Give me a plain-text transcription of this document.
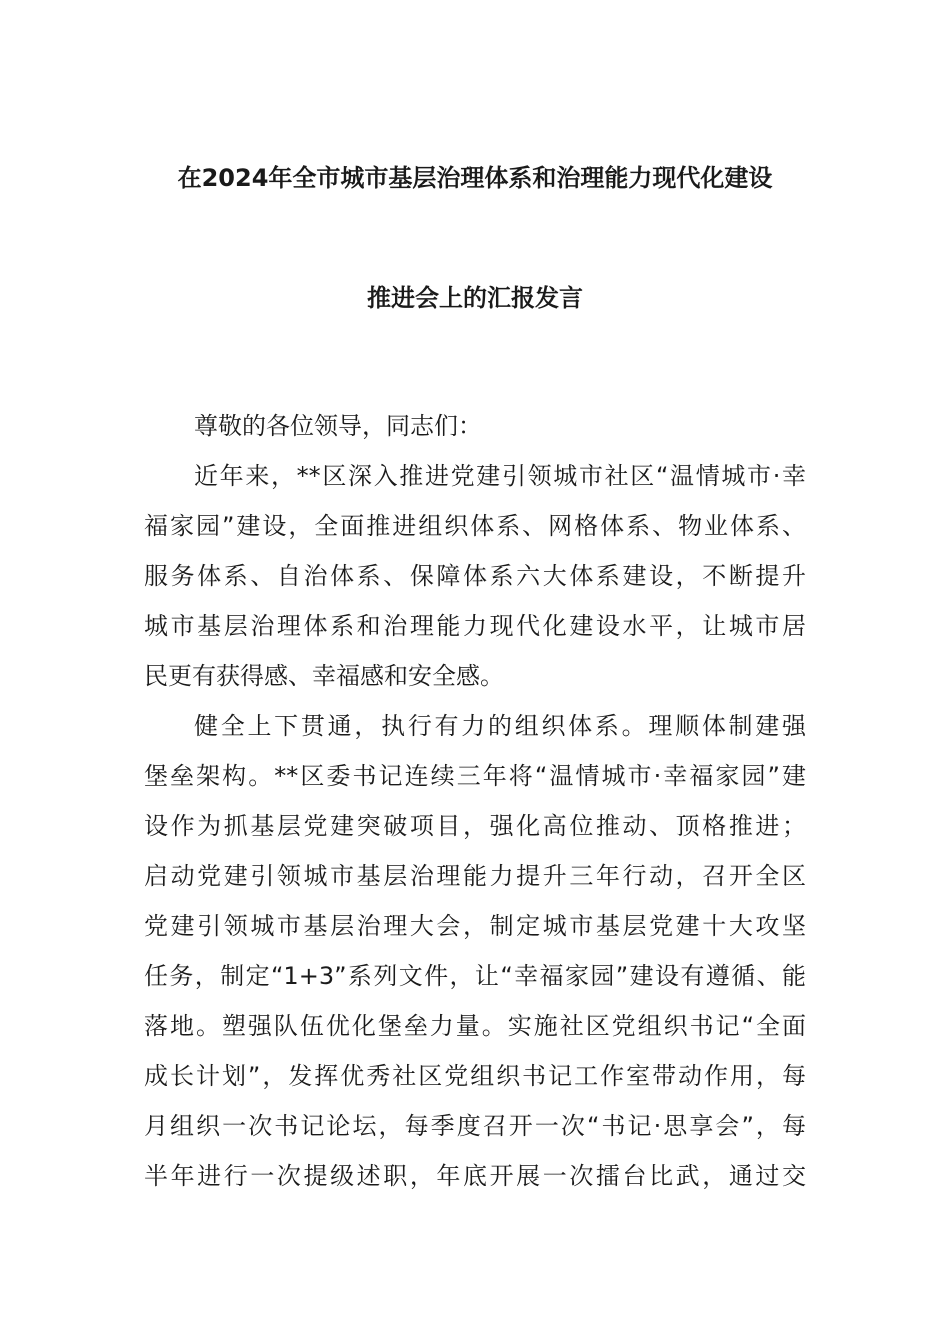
在2024年全市城市基层治理体系和治理能力现代化建设
推进会上的汇报发言
尊敬的各位领导，同志们：
近年来，**区深入推进党建引领城市社区“温情城市·幸
福家园”建设，全面推进组织体系、网格体系、物业体系、
服务体系、自治体系、保障体系六大体系建设，不断提升
城市基层治理体系和治理能力现代化建设水平，让城市居
民更有获得感、幸福感和安全感。
健全上下贯通，执行有力的组织体系。理顺体制建强
堡垒架构。**区委书记连续三年将“温情城市·幸福家园”建
设作为抓基层党建突破项目，强化高位推动、顶格推进；
启动党建引领城市基层治理能力提升三年行动，召开全区
党建引领城市基层治理大会，制定城市基层党建十大攻坚
任务，制定“1+3”系列文件，让“幸福家园”建设有遵循、能
落地。塑强队伍优化堡垒力量。实施社区党组织书记“全面
成长计划”，发挥优秀社区党组织书记工作室带动作用，每
月组织一次书记论坛，每季度召开一次“书记·思享会”，每
半年进行一次提级述职，年底开展一次擂台比武，通过交
